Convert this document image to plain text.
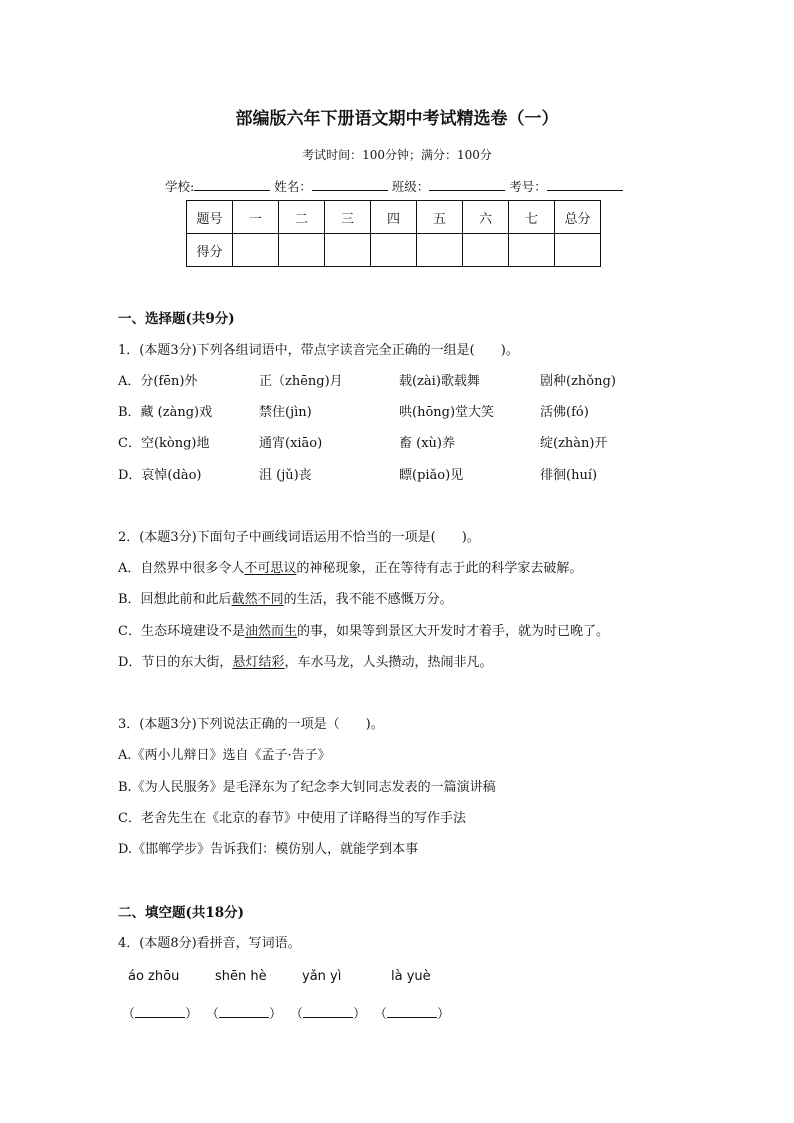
部编版六年下册语文期中考试精选卷（一）
考试时间：100分钟；满分：100分
学校:	姓名：	班级：	考号：
题号	一	二	三	四	五	六	七	总分
得分								
一、选择题(共9分)
1．(本题3分)下列各组词语中，带点字读音完全正确的一组是(　　)。
A．分(fēn)外	正（zhēng)月	载(zài)歌载舞	剧种(zhǒng)
B．藏 (zàng)戏	禁住(jìn)	哄(hōng)堂大笑	活佛(fó)
C．空(kòng)地	通宵(xiāo)	畜 (xù)养	绽(zhàn)开
D．哀悼(dào)	沮 (jǔ)丧	瞟(piǎo)见	徘徊(huí)
2．(本题3分)下面句子中画线词语运用不恰当的一项是(　　)。
A．自然界中很多令人不可思议的神秘现象，正在等待有志于此的科学家去破解。
B．回想此前和此后截然不同的生活，我不能不感慨万分。
C．生态环境建设不是油然而生的事，如果等到景区大开发时才着手，就为时已晚了。
D．节日的东大街，悬灯结彩，车水马龙，人头攒动，热闹非凡。
3．(本题3分)下列说法正确的一项是（　　)。
A.《两小儿辩日》选自《孟子·告子》
B.《为人民服务》是毛泽东为了纪念李大钊同志发表的一篇演讲稿
C．老舍先生在《北京的春节》中使用了详略得当的写作手法
D.《邯郸学步》告诉我们：模仿别人，就能学到本事
二、填空题(共18分)
4．(本题8分)看拼音，写词语。
áo zhōu	shēn hè	yǎn yì	là yuè
（	） （	） （	） （	）
